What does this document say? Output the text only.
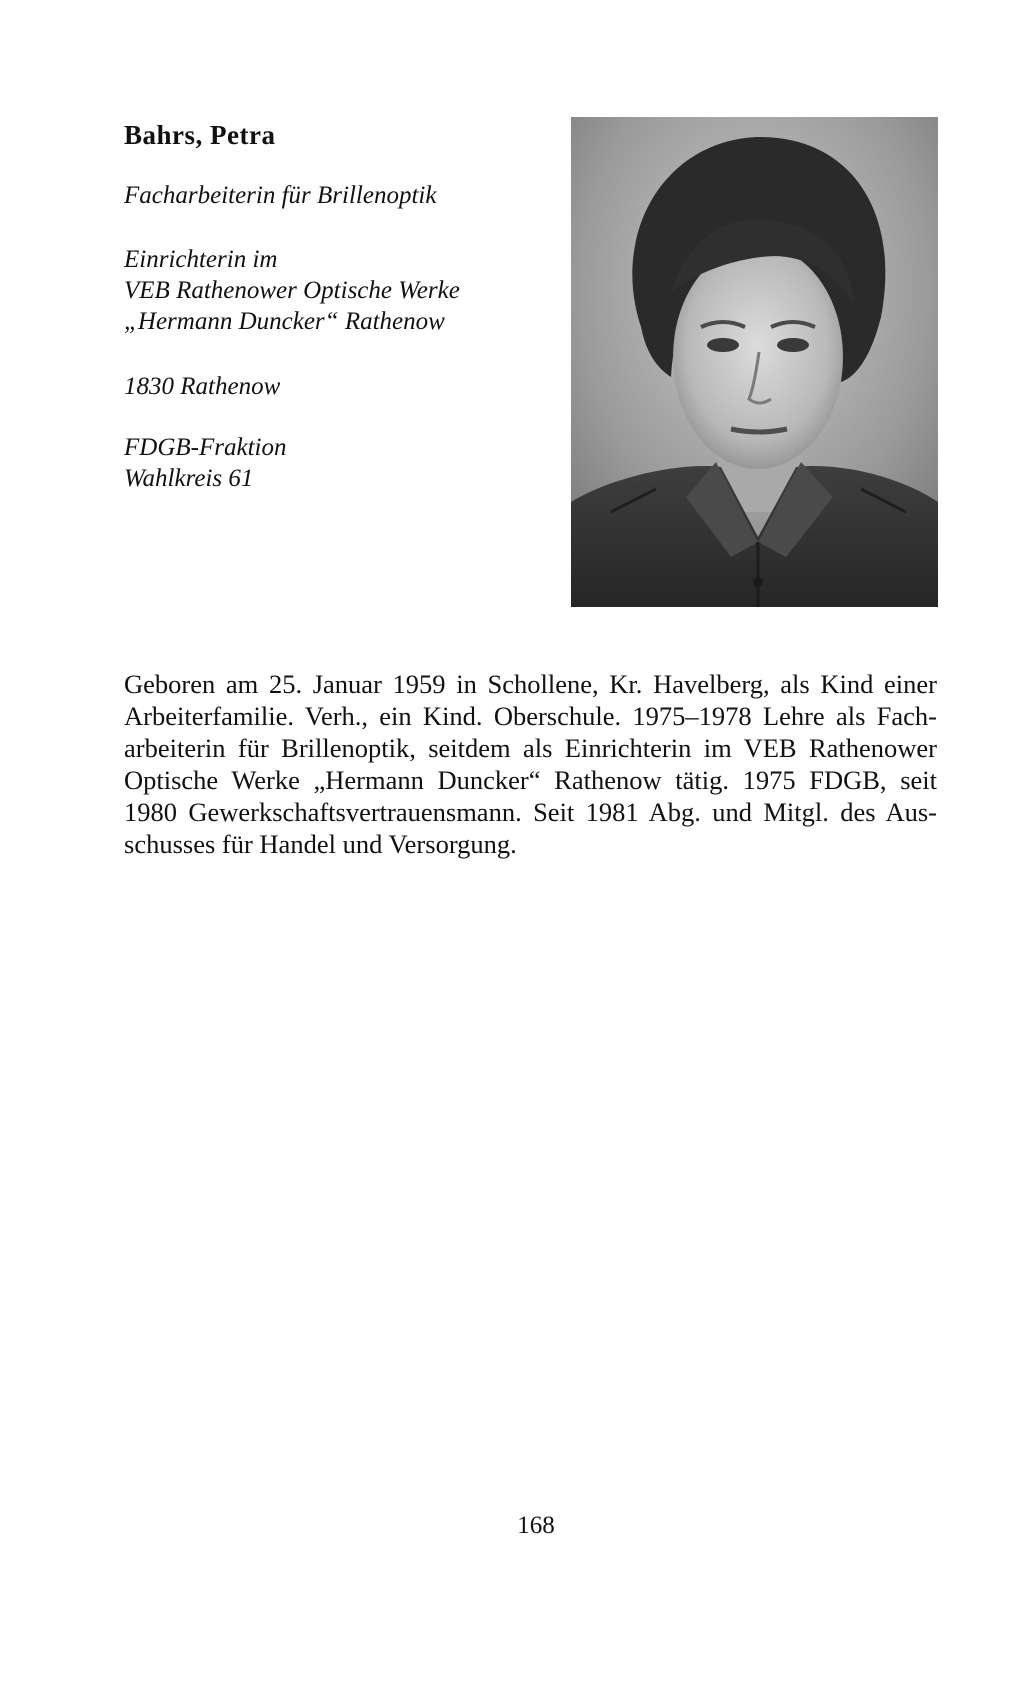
Bahrs, Petra
Facharbeiterin für Brillenoptik
Einrichterin im
VEB Rathenower Optische Werke
„Hermann Duncker“ Rathenow
1830 Rathenow
FDGB-Fraktion
Wahlkreis 61
Geboren am 25. Januar 1959 in Schollene, Kr. Havelberg, als Kind einer
Arbeiterfamilie. Verh., ein Kind. Oberschule. 1975–1978 Lehre als Fach-
arbeiterin für Brillenoptik, seitdem als Einrichterin im VEB Rathenower
Optische Werke „Hermann Duncker“ Rathenow tätig. 1975 FDGB, seit
1980 Gewerkschaftsvertrauensmann. Seit 1981 Abg. und Mitgl. des Aus-
schusses für Handel und Versorgung.
168
